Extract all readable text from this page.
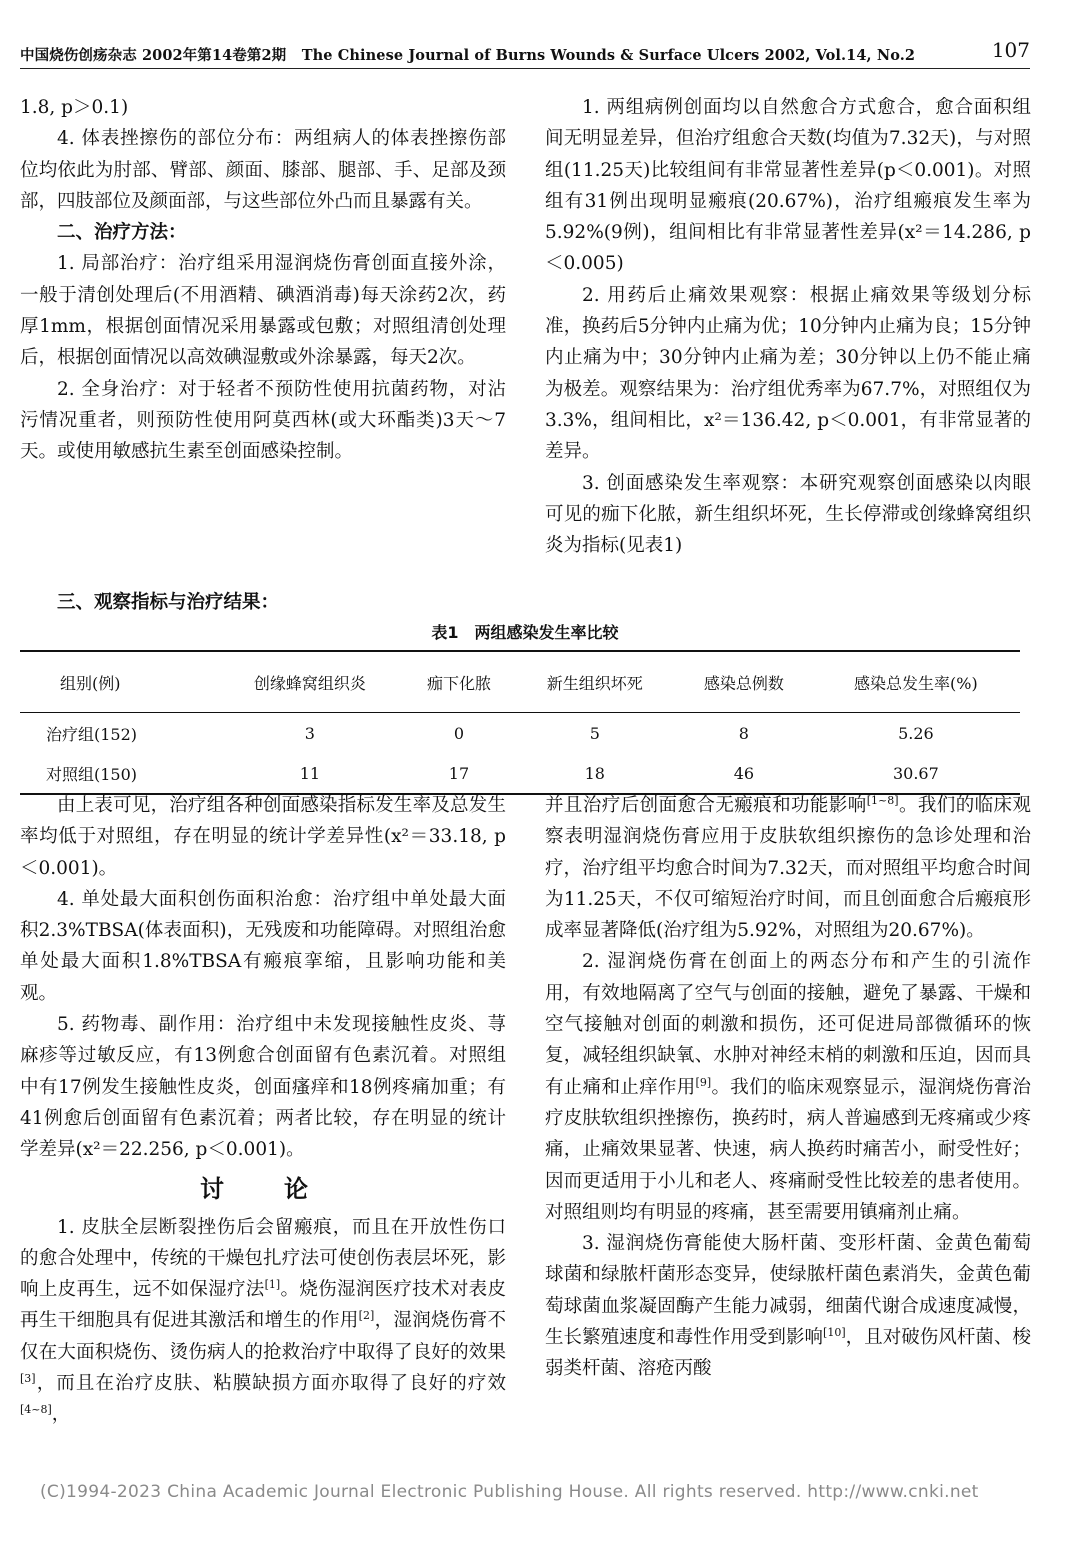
中国烧伤创疡杂志 2002年第14卷第2期 The Chinese Journal of Burns Wounds & Surface Ulcers 2002, Vol.14, No.2	107

1.8, p＞0.1)

4. 体表挫擦伤的部位分布：两组病人的体表挫擦伤部位均依此为肘部、臂部、颜面、膝部、腿部、手、足部及颈部，四肢部位及颜面部，与这些部位外凸而且暴露有关。

二、治疗方法：

1. 局部治疗：治疗组采用湿润烧伤膏创面直接外涂，一般于清创处理后(不用酒精、碘酒消毒)每天涂药2次，药厚1mm，根据创面情况采用暴露或包敷；对照组清创处理后，根据创面情况以高效碘湿敷或外涂暴露，每天2次。

2. 全身治疗：对于轻者不预防性使用抗菌药物，对沾污情况重者，则预防性使用阿莫西林(或大环酯类)3天～7天。或使用敏感抗生素至创面感染控制。

1. 两组病例创面均以自然愈合方式愈合，愈合面积组间无明显差异，但治疗组愈合天数(均值为7.32天)，与对照组(11.25天)比较组间有非常显著性差异(p＜0.001)。对照组有31例出现明显瘢痕(20.67%)，治疗组瘢痕发生率为5.92%(9例)，组间相比有非常显著性差异(x²＝14.286, p＜0.005)

2. 用药后止痛效果观察：根据止痛效果等级划分标准，换药后5分钟内止痛为优；10分钟内止痛为良；15分钟内止痛为中；30分钟内止痛为差；30分钟以上仍不能止痛为极差。观察结果为：治疗组优秀率为67.7%，对照组仅为3.3%，组间相比，x²＝136.42, p＜0.001，有非常显著的差异。

3. 创面感染发生率观察：本研究观察创面感染以肉眼可见的痂下化脓，新生组织坏死，生长停滞或创缘蜂窝组织炎为指标(见表1)

三、观察指标与治疗结果：
表1　两组感染发生率比较
组别(例)	创缘蜂窝组织炎	痂下化脓	新生组织坏死	感染总例数	感染总发生率(%)
治疗组(152)	3	0	5	8	5.26
对照组(150)	11	17	18	46	30.67

由上表可见，治疗组各种创面感染指标发生率及总发生率均低于对照组，存在明显的统计学差异性(x²＝33.18, p＜0.001)。

4. 单处最大面积创伤面积治愈：治疗组中单处最大面积2.3%TBSA(体表面积)，无残废和功能障碍。对照组治愈单处最大面积1.8%TBSA有瘢痕挛缩，且影响功能和美观。

5. 药物毒、副作用：治疗组中未发现接触性皮炎、荨麻疹等过敏反应，有13例愈合创面留有色素沉着。对照组中有17例发生接触性皮炎，创面瘙痒和18例疼痛加重；有41例愈后创面留有色素沉着；两者比较，存在明显的统计学差异(x²＝22.256, p＜0.001)。

讨　论

1. 皮肤全层断裂挫伤后会留瘢痕，而且在开放性伤口的愈合处理中，传统的干燥包扎疗法可使创伤表层坏死，影响上皮再生，远不如保湿疗法[1]。烧伤湿润医疗技术对表皮再生干细胞具有促进其激活和增生的作用[2]，湿润烧伤膏不仅在大面积烧伤、烫伤病人的抢救治疗中取得了良好的效果[3]，而且在治疗皮肤、粘膜缺损方面亦取得了良好的疗效[4~8]，

并且治疗后创面愈合无瘢痕和功能影响[1~8]。我们的临床观察表明湿润烧伤膏应用于皮肤软组织擦伤的急诊处理和治疗，治疗组平均愈合时间为7.32天，而对照组平均愈合时间为11.25天，不仅可缩短治疗时间，而且创面愈合后瘢痕形成率显著降低(治疗组为5.92%，对照组为20.67%)。

2. 湿润烧伤膏在创面上的两态分布和产生的引流作用，有效地隔离了空气与创面的接触，避免了暴露、干燥和空气接触对创面的刺激和损伤，还可促进局部微循环的恢复，减轻组织缺氧、水肿对神经末梢的刺激和压迫，因而具有止痛和止痒作用[9]。我们的临床观察显示，湿润烧伤膏治疗皮肤软组织挫擦伤，换药时，病人普遍感到无疼痛或少疼痛，止痛效果显著、快速，病人换药时痛苦小，耐受性好；因而更适用于小儿和老人、疼痛耐受性比较差的患者使用。对照组则均有明显的疼痛，甚至需要用镇痛剂止痛。

3. 湿润烧伤膏能使大肠杆菌、变形杆菌、金黄色葡萄球菌和绿脓杆菌形态变异，使绿脓杆菌色素消失，金黄色葡萄球菌血浆凝固酶产生能力减弱，细菌代谢合成速度减慢，生长繁殖速度和毒性作用受到影响[10]，且对破伤风杆菌、梭弱类杆菌、溶疮丙酸

(C)1994-2023 China Academic Journal Electronic Publishing House. All rights reserved. http://www.cnki.net
